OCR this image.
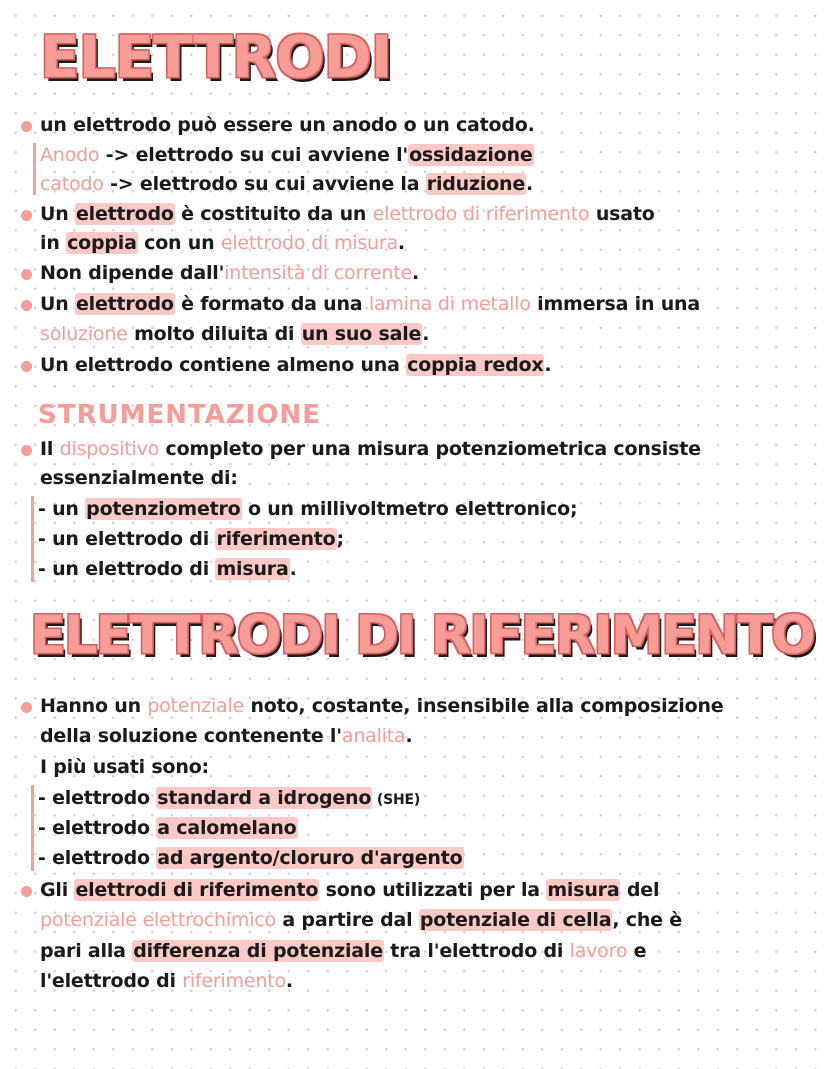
ELETTRODI

un elettrodo può essere un anodo o un catodo.

Anodo -> elettrodo su cui avviene l'ossidazione

catodo -> elettrodo su cui avviene la riduzione.

Un elettrodo è costituito da un elettrodo di riferimento usato

in coppia con un elettrodo di misura.

Non dipende dall'intensità di corrente.

Un elettrodo è formato da una lamina di metallo immersa in una

soluzione molto diluita di un suo sale.

Un elettrodo contiene almeno una coppia redox.

STRUMENTAZIONE

Il dispositivo completo per una misura potenziometrica consiste

essenzialmente di:

- un potenziometro o un millivoltmetro elettronico;

- un elettrodo di riferimento;

- un elettrodo di misura.

ELETTRODI DI RIFERIMENTO

Hanno un potenziale noto, costante, insensibile alla composizione

della soluzione contenente l'analita.

I più usati sono:

- elettrodo standard a idrogeno (SHE)

- elettrodo a calomelano

- elettrodo ad argento/cloruro d'argento

Gli elettrodi di riferimento sono utilizzati per la misura del

potenziale elettrochimico a partire dal potenziale di cella, che è

pari alla differenza di potenziale tra l'elettrodo di lavoro e

l'elettrodo di riferimento.
